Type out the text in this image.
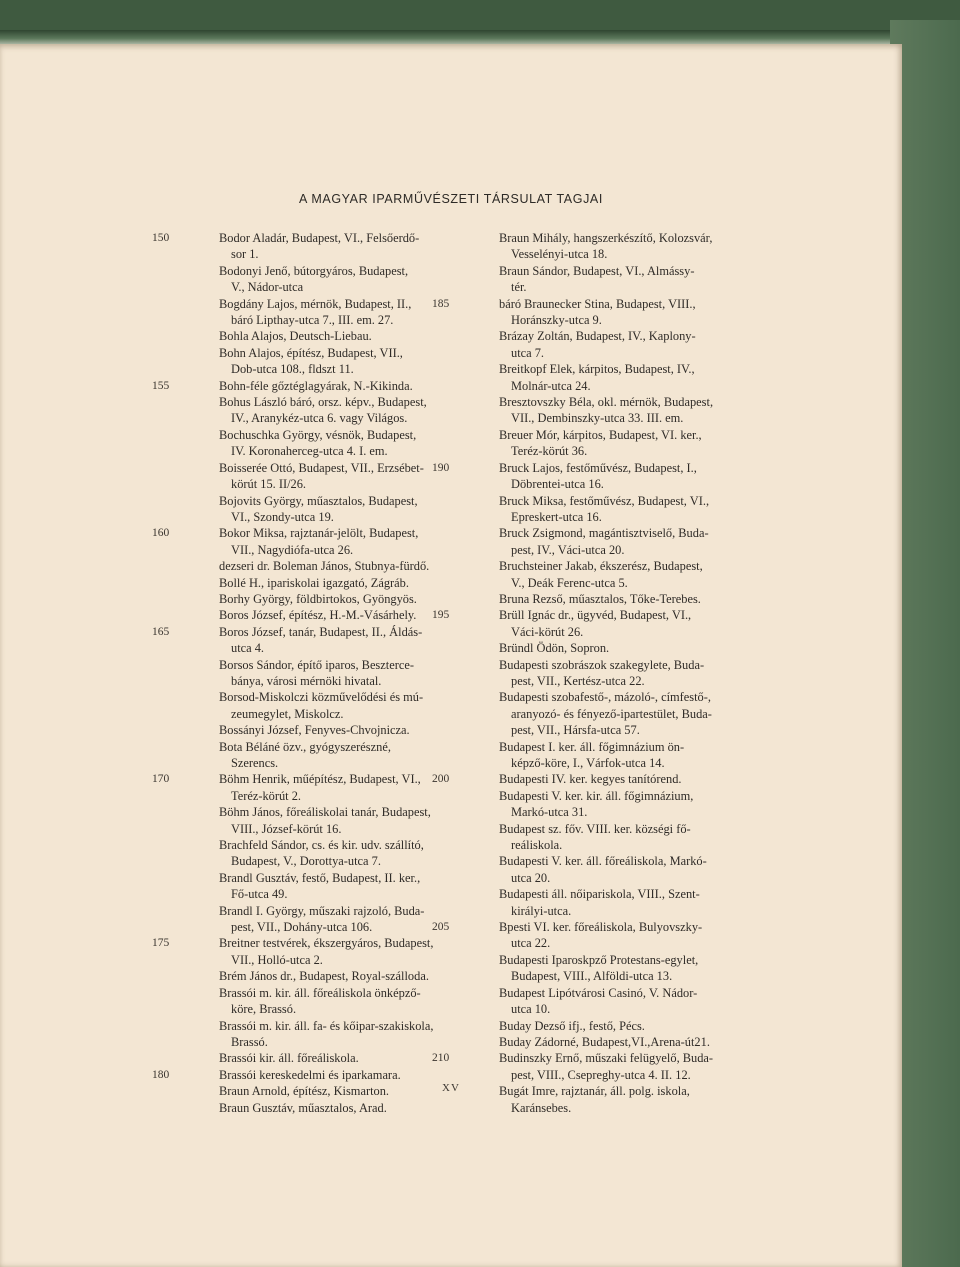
A MAGYAR IPARMŰVÉSZETI TÁRSULAT TAGJAI
150	Bodor Aladár, Budapest, VI., Felsőerdő-
sor 1.
Bodonyi Jenő, bútorgyáros, Budapest,
V., Nádor-utca
Bogdány Lajos, mérnök, Budapest, II.,
báró Lipthay-utca 7., III. em. 27.
Bohla Alajos, Deutsch-Liebau.
Bohn Alajos, építész, Budapest, VII.,
Dob-utca 108., fldszt 11.
155	Bohn-féle gőztéglagyárak, N.-Kikinda.
Bohus László báró, orsz. képv., Budapest,
IV., Aranykéz-utca 6. vagy Világos.
Bochuschka György, vésnök, Budapest,
IV. Koronaherceg-utca 4. I. em.
Boisserée Ottó, Budapest, VII., Erzsébet-
körút 15. II/26.
Bojovits György, műasztalos, Budapest,
VI., Szondy-utca 19.
160	Bokor Miksa, rajztanár-jelölt, Budapest,
VII., Nagydiófa-utca 26.
dezseri dr. Boleman János, Stubnya-fürdő.
Bollé H., ipariskolai igazgató, Zágráb.
Borhy György, földbirtokos, Gyöngyös.
Boros József, építész, H.-M.-Vásárhely.
165	Boros József, tanár, Budapest, II., Áldás-
utca 4.
Borsos Sándor, építő iparos, Beszterce-
bánya, városi mérnöki hivatal.
Borsod-Miskolczi közművelődési és mú-
zeumegylet, Miskolcz.
Bossányi József, Fenyves-Chvojnicza.
Bota Béláné özv., gyógyszerészné,
Szerencs.
170	Böhm Henrik, műépítész, Budapest, VI.,
Teréz-körút 2.
Böhm János, főreáliskolai tanár, Budapest,
VIII., József-körút 16.
Brachfeld Sándor, cs. és kir. udv. szállító,
Budapest, V., Dorottya-utca 7.
Brandl Gusztáv, festő, Budapest, II. ker.,
Fő-utca 49.
Brandl I. György, műszaki rajzoló, Buda-
pest, VII., Dohány-utca 106.
175	Breitner testvérek, ékszergyáros, Budapest,
VII., Holló-utca 2.
Brém János dr., Budapest, Royal-szálloda.
Brassói m. kir. áll. főreáliskola önképző-
köre, Brassó.
Brassói m. kir. áll. fa- és kőipar-szakiskola,
Brassó.
Brassói kir. áll. főreáliskola.
180	Brassói kereskedelmi és iparkamara.
Braun Arnold, építész, Kismarton.
Braun Gusztáv, műasztalos, Arad.
Braun Mihály, hangszerkészítő, Kolozsvár,
Vesselényi-utca 18.
Braun Sándor, Budapest, VI., Almássy-
tér.
185	báró Braunecker Stina, Budapest, VIII.,
Horánszky-utca 9.
Brázay Zoltán, Budapest, IV., Kaplony-
utca 7.
Breitkopf Elek, kárpitos, Budapest, IV.,
Molnár-utca 24.
Bresztovszky Béla, okl. mérnök, Budapest,
VII., Dembinszky-utca 33. III. em.
Breuer Mór, kárpitos, Budapest, VI. ker.,
Teréz-körút 36.
190	Bruck Lajos, festőművész, Budapest, I.,
Döbrentei-utca 16.
Bruck Miksa, festőművész, Budapest, VI.,
Epreskert-utca 16.
Bruck Zsigmond, magántisztviselő, Buda-
pest, IV., Váci-utca 20.
Bruchsteiner Jakab, ékszerész, Budapest,
V., Deák Ferenc-utca 5.
Bruna Rezső, műasztalos, Tőke-Terebes.
195	Brüll Ignác dr., ügyvéd, Budapest, VI.,
Váci-körút 26.
Bründl Ödön, Sopron.
Budapesti szobrászok szakegylete, Buda-
pest, VII., Kertész-utca 22.
Budapesti szobafestő-, mázoló-, címfestő-,
aranyozó- és fényező-ipartestület, Buda-
pest, VII., Hársfa-utca 57.
Budapest I. ker. áll. főgimnázium ön-
képző-köre, I., Várfok-utca 14.
200	Budapesti IV. ker. kegyes tanítórend.
Budapesti V. ker. kir. áll. főgimnázium,
Markó-utca 31.
Budapest sz. főv. VIII. ker. községi fő-
reáliskola.
Budapesti V. ker. áll. főreáliskola, Markó-
utca 20.
Budapesti áll. nőipariskola, VIII., Szent-
királyi-utca.
205	Bpesti VI. ker. főreáliskola, Bulyovszky-
utca 22.
Budapesti Iparoskpző Protestans-egylet,
Budapest, VIII., Alföldi-utca 13.
Budapest Lipótvárosi Casinó, V. Nádor-
utca 10.
Buday Dezső ifj., festő, Pécs.
Buday Zádorné, Budapest,VI.,Arena-út21.
210	Budinszky Ernő, műszaki felügyelő, Buda-
pest, VIII., Csepreghy-utca 4. II. 12.
Bugát Imre, rajztanár, áll. polg. iskola,
Karánsebes.
XV
